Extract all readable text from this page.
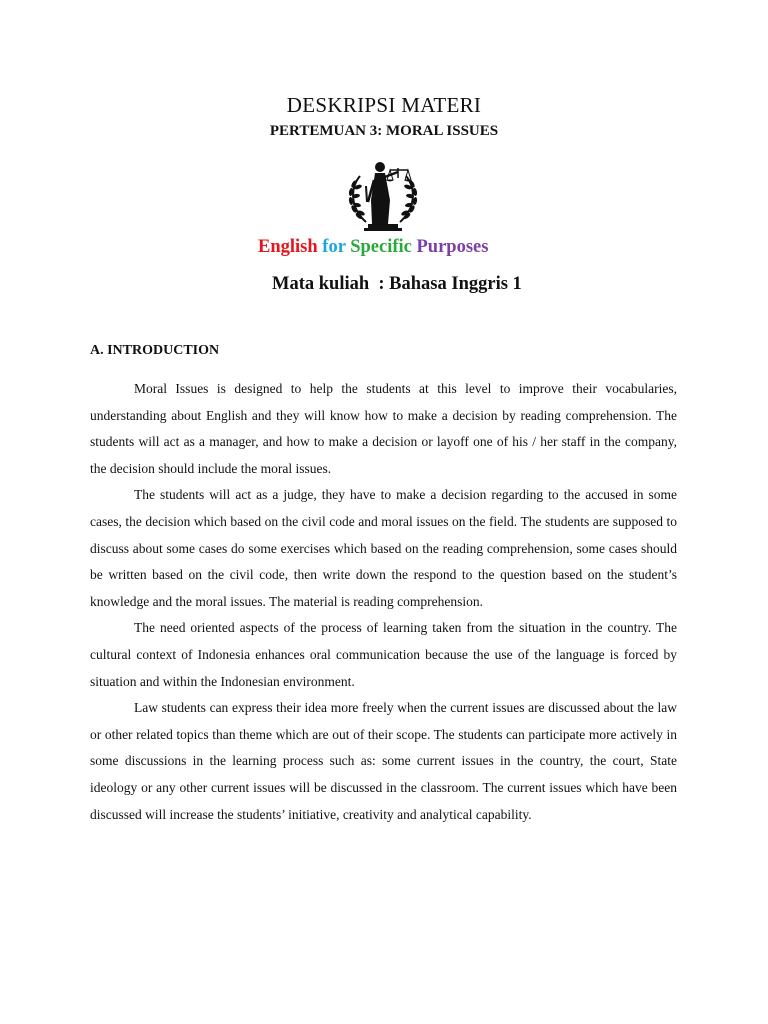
DESKRIPSI MATERI
PERTEMUAN 3: MORAL ISSUES
English for Specific Purposes
Mata kuliah  : Bahasa Inggris 1
A. INTRODUCTION

Moral Issues is designed to help the students at this level to improve their vocabularies, understanding about English and they will know how to make a decision by reading comprehension. The students will act as a manager, and how to make a decision or layoff one of his / her staff in the company, the decision should include the moral issues.

The students will act as a judge, they have to make a decision regarding to the accused in some cases, the decision which based on the civil code and moral issues on the field. The students are supposed to discuss about some cases do some exercises which based on the reading comprehension, some cases should be written based on the civil code, then write down the respond to the question based on the student’s knowledge and the moral issues. The material is reading comprehension.

The need oriented aspects of the process of learning taken from the situation in the country. The cultural context of Indonesia enhances oral communication because the use of the language is forced by situation and within the Indonesian environment.

Law students can express their idea more freely when the current issues are discussed about the law or other related topics than theme which are out of their scope. The students can participate more actively in some discussions in the learning process such as: some current issues in the country, the court, State ideology or any other current issues will be discussed in the classroom. The current issues which have been discussed will increase the students’ initiative, creativity and analytical capability.
